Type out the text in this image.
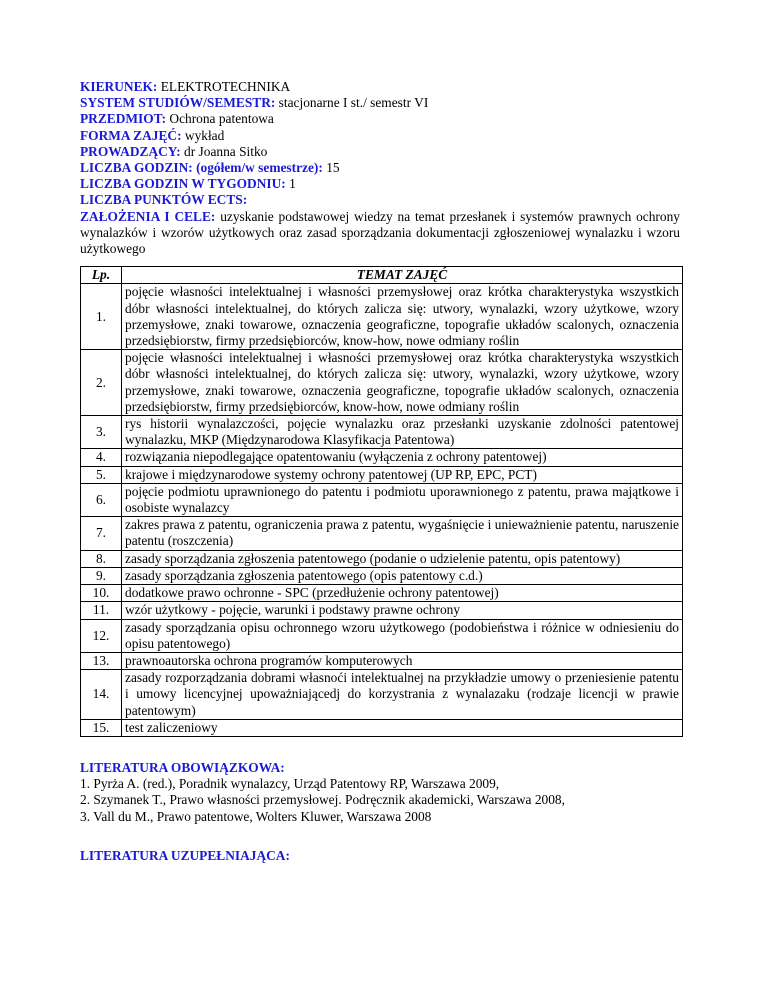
KIERUNEK: ELEKTROTECHNIKA
SYSTEM STUDIÓW/SEMESTR: stacjonarne I st./ semestr VI
PRZEDMIOT: Ochrona patentowa
FORMA ZAJĘĆ: wykład
PROWADZĄCY: dr Joanna Sitko
LICZBA GODZIN: (ogółem/w semestrze): 15
LICZBA GODZIN W TYGODNIU: 1
LICZBA PUNKTÓW ECTS:
ZAŁOŻENIA I CELE: uzyskanie podstawowej wiedzy na temat przesłanek i systemów prawnych ochrony wynalazków i wzorów użytkowych oraz zasad sporządzania dokumentacji zgłoszeniowej wynalazku i wzoru użytkowego
Lp.	TEMAT ZAJĘĆ
1.	pojęcie własności intelektualnej i własności przemysłowej oraz krótka charakterystyka wszystkich dóbr własności intelektualnej, do których zalicza się: utwory, wynalazki, wzory użytkowe, wzory przemysłowe, znaki towarowe, oznaczenia geograficzne, topografie układów scalonych, oznaczenia przedsiębiorstw, firmy przedsiębiorców, know-how, nowe odmiany roślin
2.	pojęcie własności intelektualnej i własności przemysłowej oraz krótka charakterystyka wszystkich dóbr własności intelektualnej, do których zalicza się: utwory, wynalazki, wzory użytkowe, wzory przemysłowe, znaki towarowe, oznaczenia geograficzne, topografie układów scalonych, oznaczenia przedsiębiorstw, firmy przedsiębiorców, know-how, nowe odmiany roślin
3.	rys historii wynalazczości, pojęcie wynalazku oraz przesłanki uzyskanie zdolności patentowej wynalazku, MKP (Międzynarodowa Klasyfikacja Patentowa)
4.	rozwiązania niepodlegające opatentowaniu (wyłączenia z ochrony patentowej)
5.	krajowe i międzynarodowe systemy ochrony patentowej (UP RP, EPC, PCT)
6.	pojęcie podmiotu uprawnionego do patentu i podmiotu uporawnionego z patentu, prawa majątkowe i osobiste wynalazcy
7.	zakres prawa z patentu, ograniczenia prawa z patentu, wygaśnięcie i unieważnienie patentu, naruszenie patentu (roszczenia)
8.	zasady sporządzania zgłoszenia patentowego (podanie o udzielenie patentu, opis patentowy)
9.	zasady sporządzania zgłoszenia patentowego (opis patentowy c.d.)
10.	dodatkowe prawo ochronne - SPC (przedłużenie ochrony patentowej)
11.	wzór użytkowy - pojęcie, warunki i podstawy prawne ochrony
12.	zasady sporządzania opisu ochronnego wzoru użytkowego (podobieństwa i różnice w odniesieniu do opisu patentowego)
13.	prawnoautorska ochrona programów komputerowych
14.	zasady rozporządzania dobrami własnoći intelektualnej na przykładzie umowy o przeniesienie patentu i umowy licencyjnej upoważniającedj do korzystrania z wynalazaku (rodzaje licencji w prawie patentowym)
15.	test zaliczeniowy
LITERATURA OBOWIĄZKOWA:
1. Pyrża A. (red.), Poradnik wynalazcy, Urząd Patentowy RP, Warszawa 2009,
2. Szymanek T., Prawo własności przemysłowej. Podręcznik akademicki, Warszawa 2008,
3. Vall du M., Prawo patentowe, Wolters Kluwer, Warszawa 2008
LITERATURA UZUPEŁNIAJĄCA:
